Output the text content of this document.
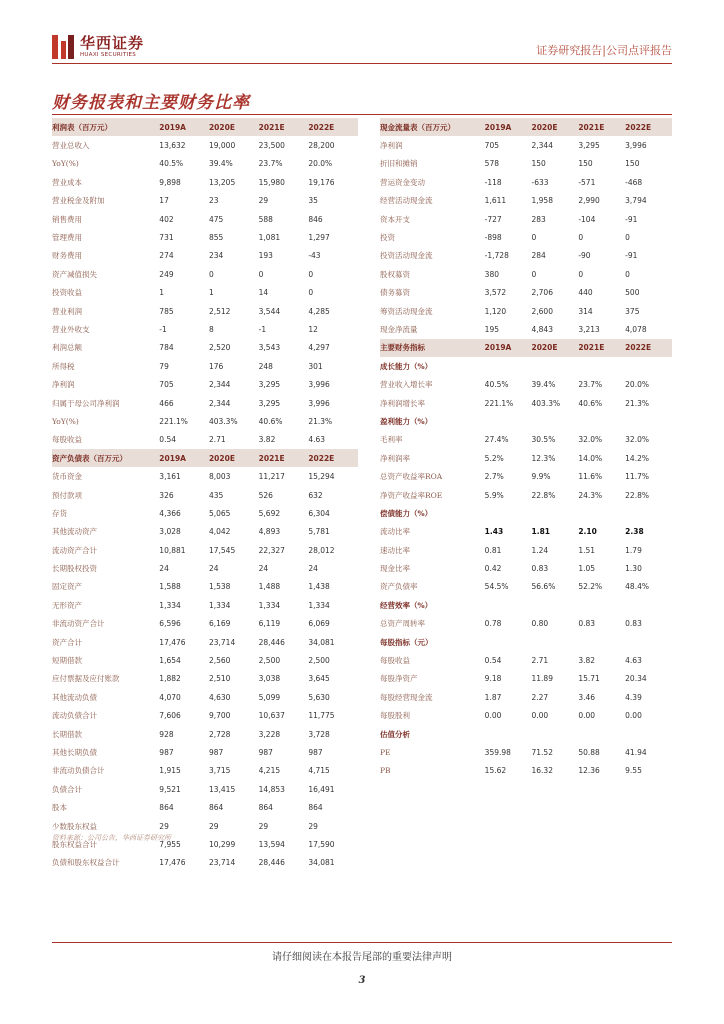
华西证券
HUAXI SECURITIES	证券研究报告|公司点评报告
财务报表和主要财务比率
利润表（百万元）	2019A	2020E	2021E	2022E
营业总收入	13,632	19,000	23,500	28,200
YoY(%)	40.5%	39.4%	23.7%	20.0%
营业成本	9,898	13,205	15,980	19,176
营业税金及附加	17	23	29	35
销售费用	402	475	588	846
管理费用	731	855	1,081	1,297
财务费用	274	234	193	-43
资产减值损失	249	0	0	0
投资收益	1	1	14	0
营业利润	785	2,512	3,544	4,285
营业外收支	-1	8	-1	12
利润总额	784	2,520	3,543	4,297
所得税	79	176	248	301
净利润	705	2,344	3,295	3,996
归属于母公司净利润	466	2,344	3,295	3,996
YoY(%)	221.1%	403.3%	40.6%	21.3%
每股收益	0.54	2.71	3.82	4.63
资产负债表（百万元）	2019A	2020E	2021E	2022E
货币资金	3,161	8,003	11,217	15,294
预付款项	326	435	526	632
存货	4,366	5,065	5,692	6,304
其他流动资产	3,028	4,042	4,893	5,781
流动资产合计	10,881	17,545	22,327	28,012
长期股权投资	24	24	24	24
固定资产	1,588	1,538	1,488	1,438
无形资产	1,334	1,334	1,334	1,334
非流动资产合计	6,596	6,169	6,119	6,069
资产合计	17,476	23,714	28,446	34,081
短期借款	1,654	2,560	2,500	2,500
应付票据及应付账款	1,882	2,510	3,038	3,645
其他流动负债	4,070	4,630	5,099	5,630
流动负债合计	7,606	9,700	10,637	11,775
长期借款	928	2,728	3,228	3,728
其他长期负债	987	987	987	987
非流动负债合计	1,915	3,715	4,215	4,715
负债合计	9,521	13,415	14,853	16,491
股本	864	864	864	864
少数股东权益	29	29	29	29
股东权益合计	7,955	10,299	13,594	17,590
负债和股东权益合计	17,476	23,714	28,446	34,081
现金流量表（百万元）	2019A	2020E	2021E	2022E
净利润	705	2,344	3,295	3,996
折旧和摊销	578	150	150	150
营运资金变动	-118	-633	-571	-468
经营活动现金流	1,611	1,958	2,990	3,794
资本开支	-727	283	-104	-91
投资	-898	0	0	0
投资活动现金流	-1,728	284	-90	-91
股权募资	380	0	0	0
债务募资	3,572	2,706	440	500
筹资活动现金流	1,120	2,600	314	375
现金净流量	195	4,843	3,213	4,078
主要财务指标	2019A	2020E	2021E	2022E
成长能力（%）
营业收入增长率	40.5%	39.4%	23.7%	20.0%
净利润增长率	221.1%	403.3%	40.6%	21.3%
盈利能力（%）
毛利率	27.4%	30.5%	32.0%	32.0%
净利润率	5.2%	12.3%	14.0%	14.2%
总资产收益率ROA	2.7%	9.9%	11.6%	11.7%
净资产收益率ROE	5.9%	22.8%	24.3%	22.8%
偿债能力（%）
流动比率	1.43	1.81	2.10	2.38
速动比率	0.81	1.24	1.51	1.79
现金比率	0.42	0.83	1.05	1.30
资产负债率	54.5%	56.6%	52.2%	48.4%
经营效率（%）
总资产周转率	0.78	0.80	0.83	0.83
每股指标（元）
每股收益	0.54	2.71	3.82	4.63
每股净资产	9.18	11.89	15.71	20.34
每股经营现金流	1.87	2.27	3.46	4.39
每股股利	0.00	0.00	0.00	0.00
估值分析
PE	359.98	71.52	50.88	41.94
PB	15.62	16.32	12.36	9.55
资料来源：公司公告，华西证券研究所
请仔细阅读在本报告尾部的重要法律声明
3
